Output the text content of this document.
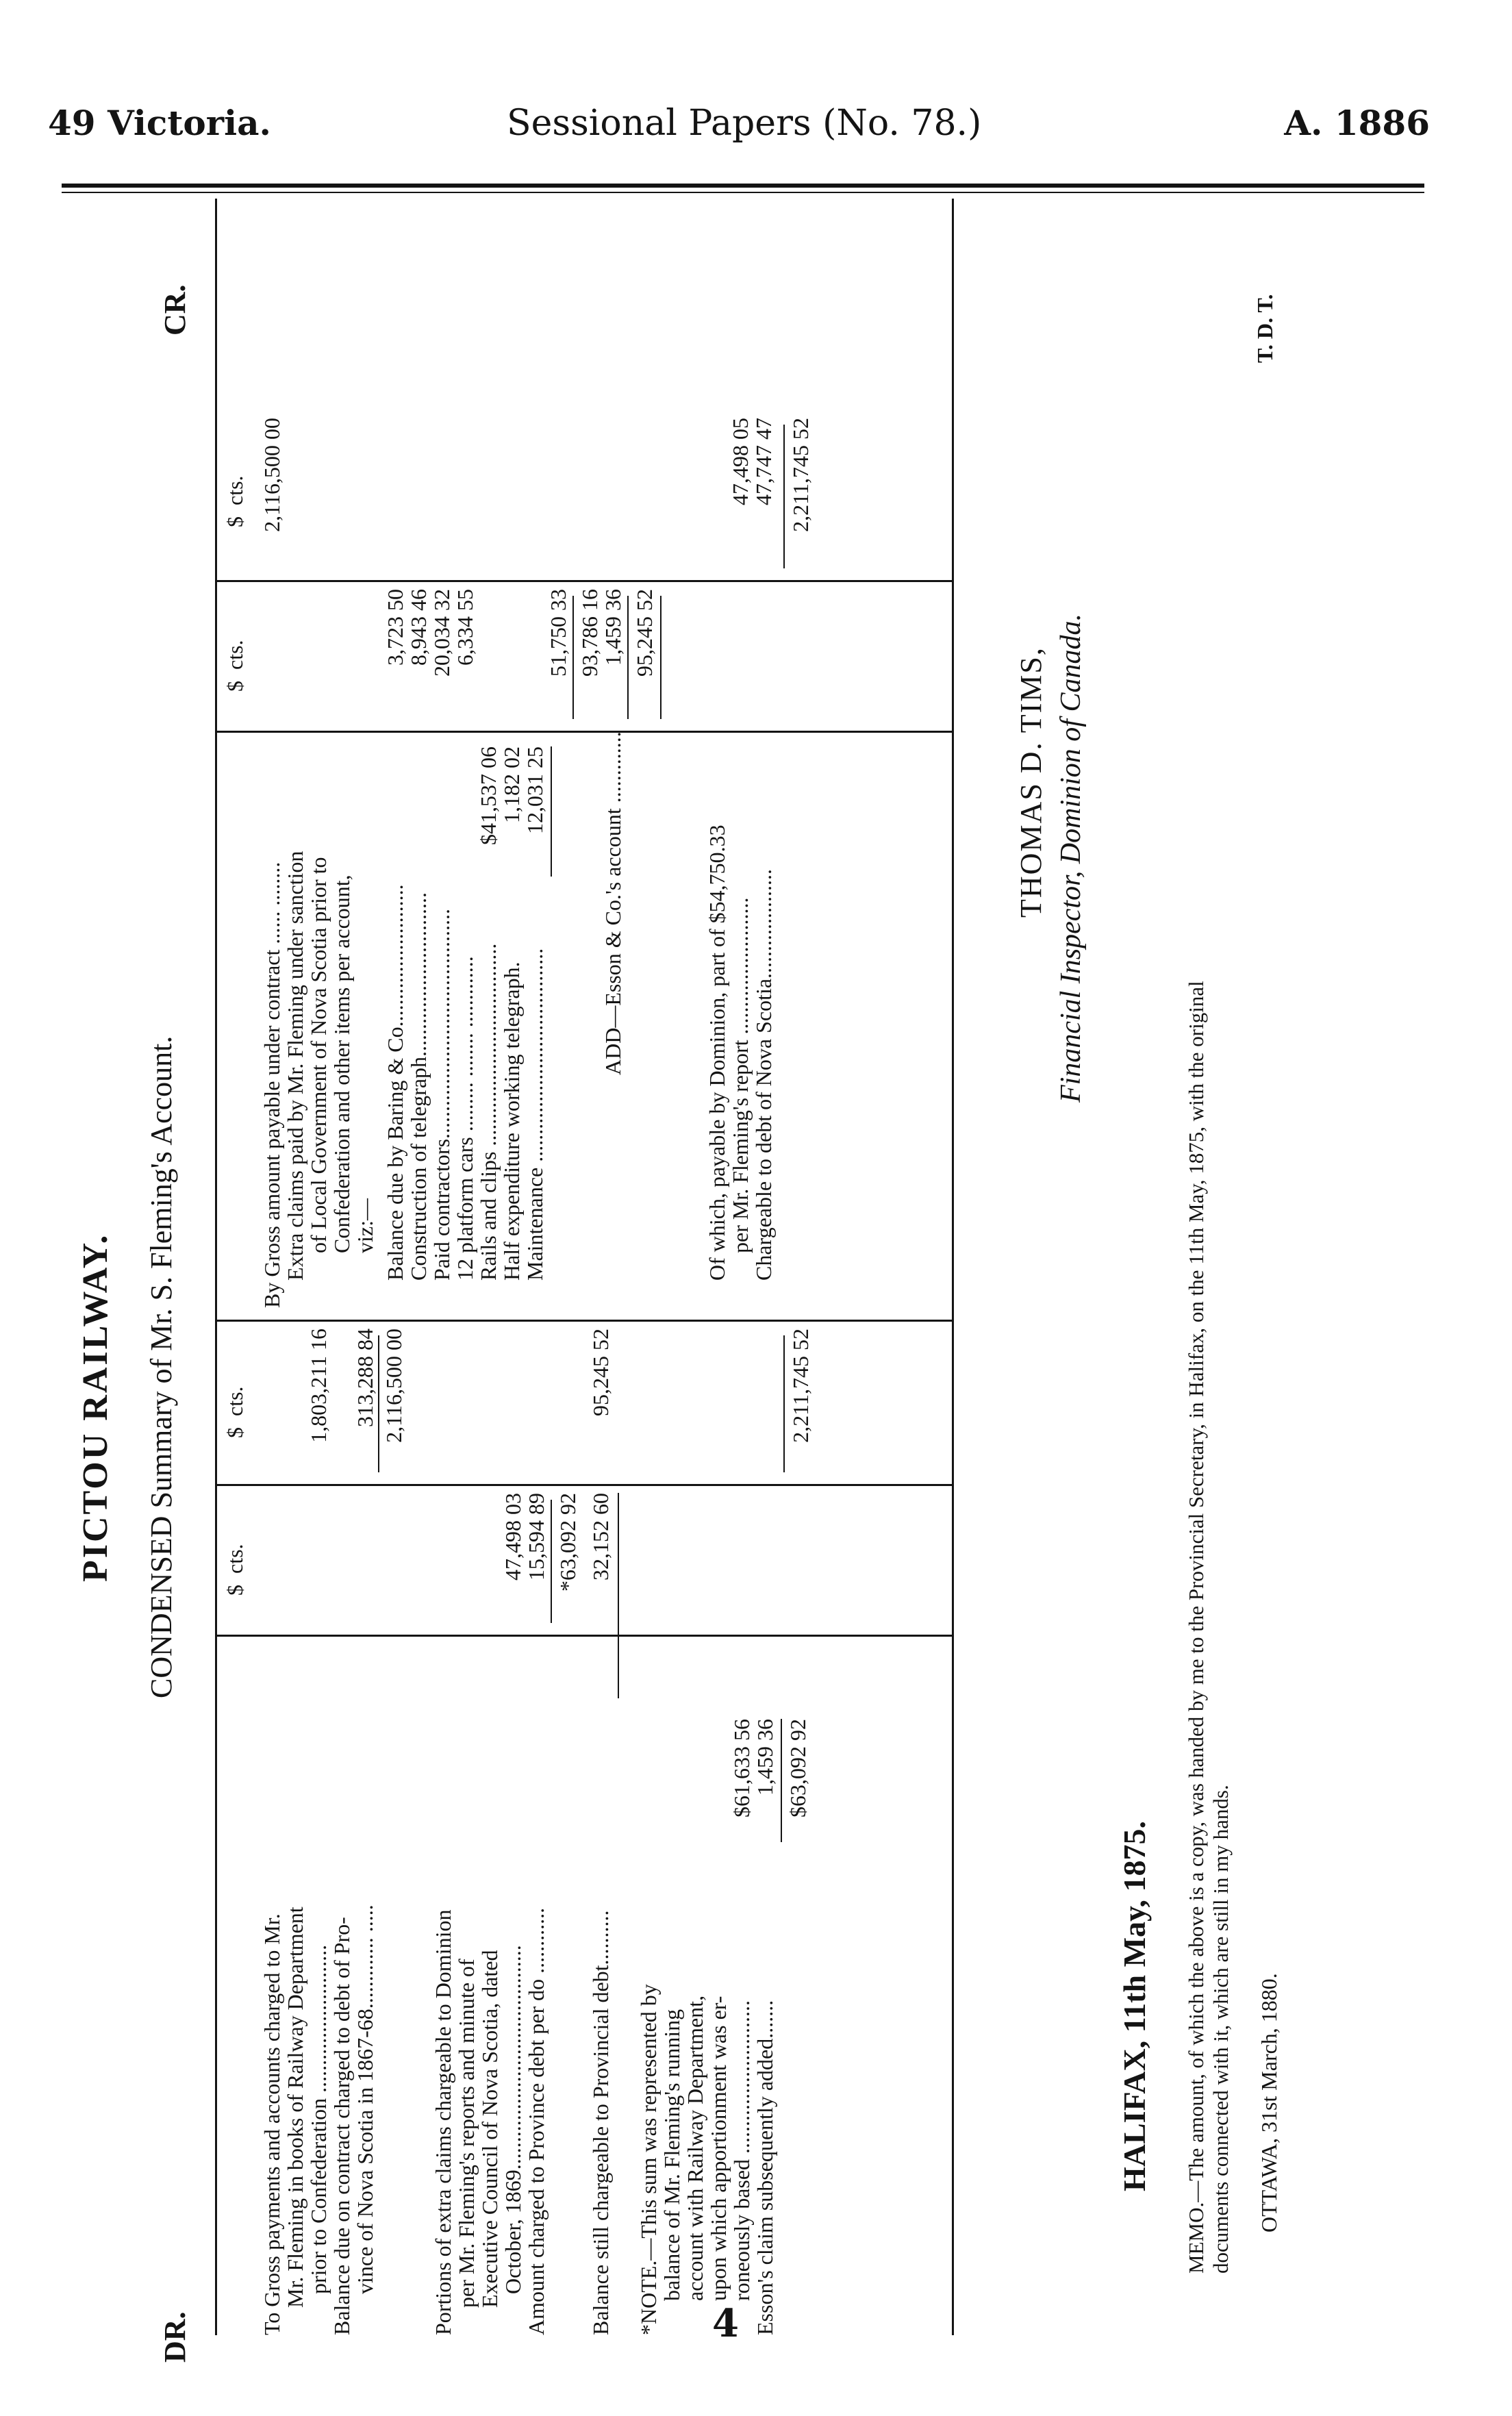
49 Victoria.	Sessional Papers (No. 78.)	A. 1886
PICTOU RAILWAY. CONDENSED Summary of Mr. S. Fleming's Account.
DR.
CR.
$  cts.
$  cts.
$  cts.
$  cts.
To Gross payments and accounts charged to Mr.
Mr. Fleming in books of Railway Department
prior to Confederation ...........................
1,803,211 16
Balance due on contract charged to debt of Pro-
vince of Nova Scotia in 1867-68............. .....
313,288 84 2,116,500 00
Portions of extra claims chargeable to Dominion
per Mr. Fleming's reports and minute of
Executive Council of Nova Scotia, dated
October, 1869.........................................
47,498 03
Amount charged to Province debt per do ............
15,594 89 *63,092 92
Balance still chargeable to Provincial debt..........
32,152 60
95,245 52
*NOTE.—This sum was represented by
balance of Mr. Fleming's running
account with Railway Department,
upon which apportionment was er-
roneously based ............................
$61,633 56
Esson's claim subsequently added.......
1,459 36 $63,092 92
2,211,745 52
By Gross amount payable under contract ...... ........
2,116,500 00
Extra claims paid by Mr. Fleming under sanction
of Local Government of Nova Scotia prior to
Confederation and other items per account,
viz:— Balance due by Baring & Co..........................
3,723 50
Construction of telegraph..............................
8,943 46
Paid contractors..........................................
20,034 32
12 platform cars ......... ........ .............
6,334 55
Rails and clips .....................................
$41,537 06
Half expenditure working telegraph.
1,182 02
Maintenance .......................................
12,031 25
51,750 33 93,786 16
ADD—Esson & Co.'s account .............
1,459 36 95,245 52
Of which, payable by Dominion, part of $54,750.33
per Mr. Fleming's report .........................
47,498 05
Chargeable to debt of Nova Scotia....................
47,747 47 2,211,745 52
THOMAS D. TIMS, Financial Inspector, Dominion of Canada.
HALIFAX, 11th May, 1875. MEMO.—The amount, of which the above is a copy, was handed by me to the Provincial Secretary, in Halifax, on the 11th May, 1875, with the original documents connected with it, which are still in my hands.
T. D. T.
OTTAWA, 31st March, 1880.
4
